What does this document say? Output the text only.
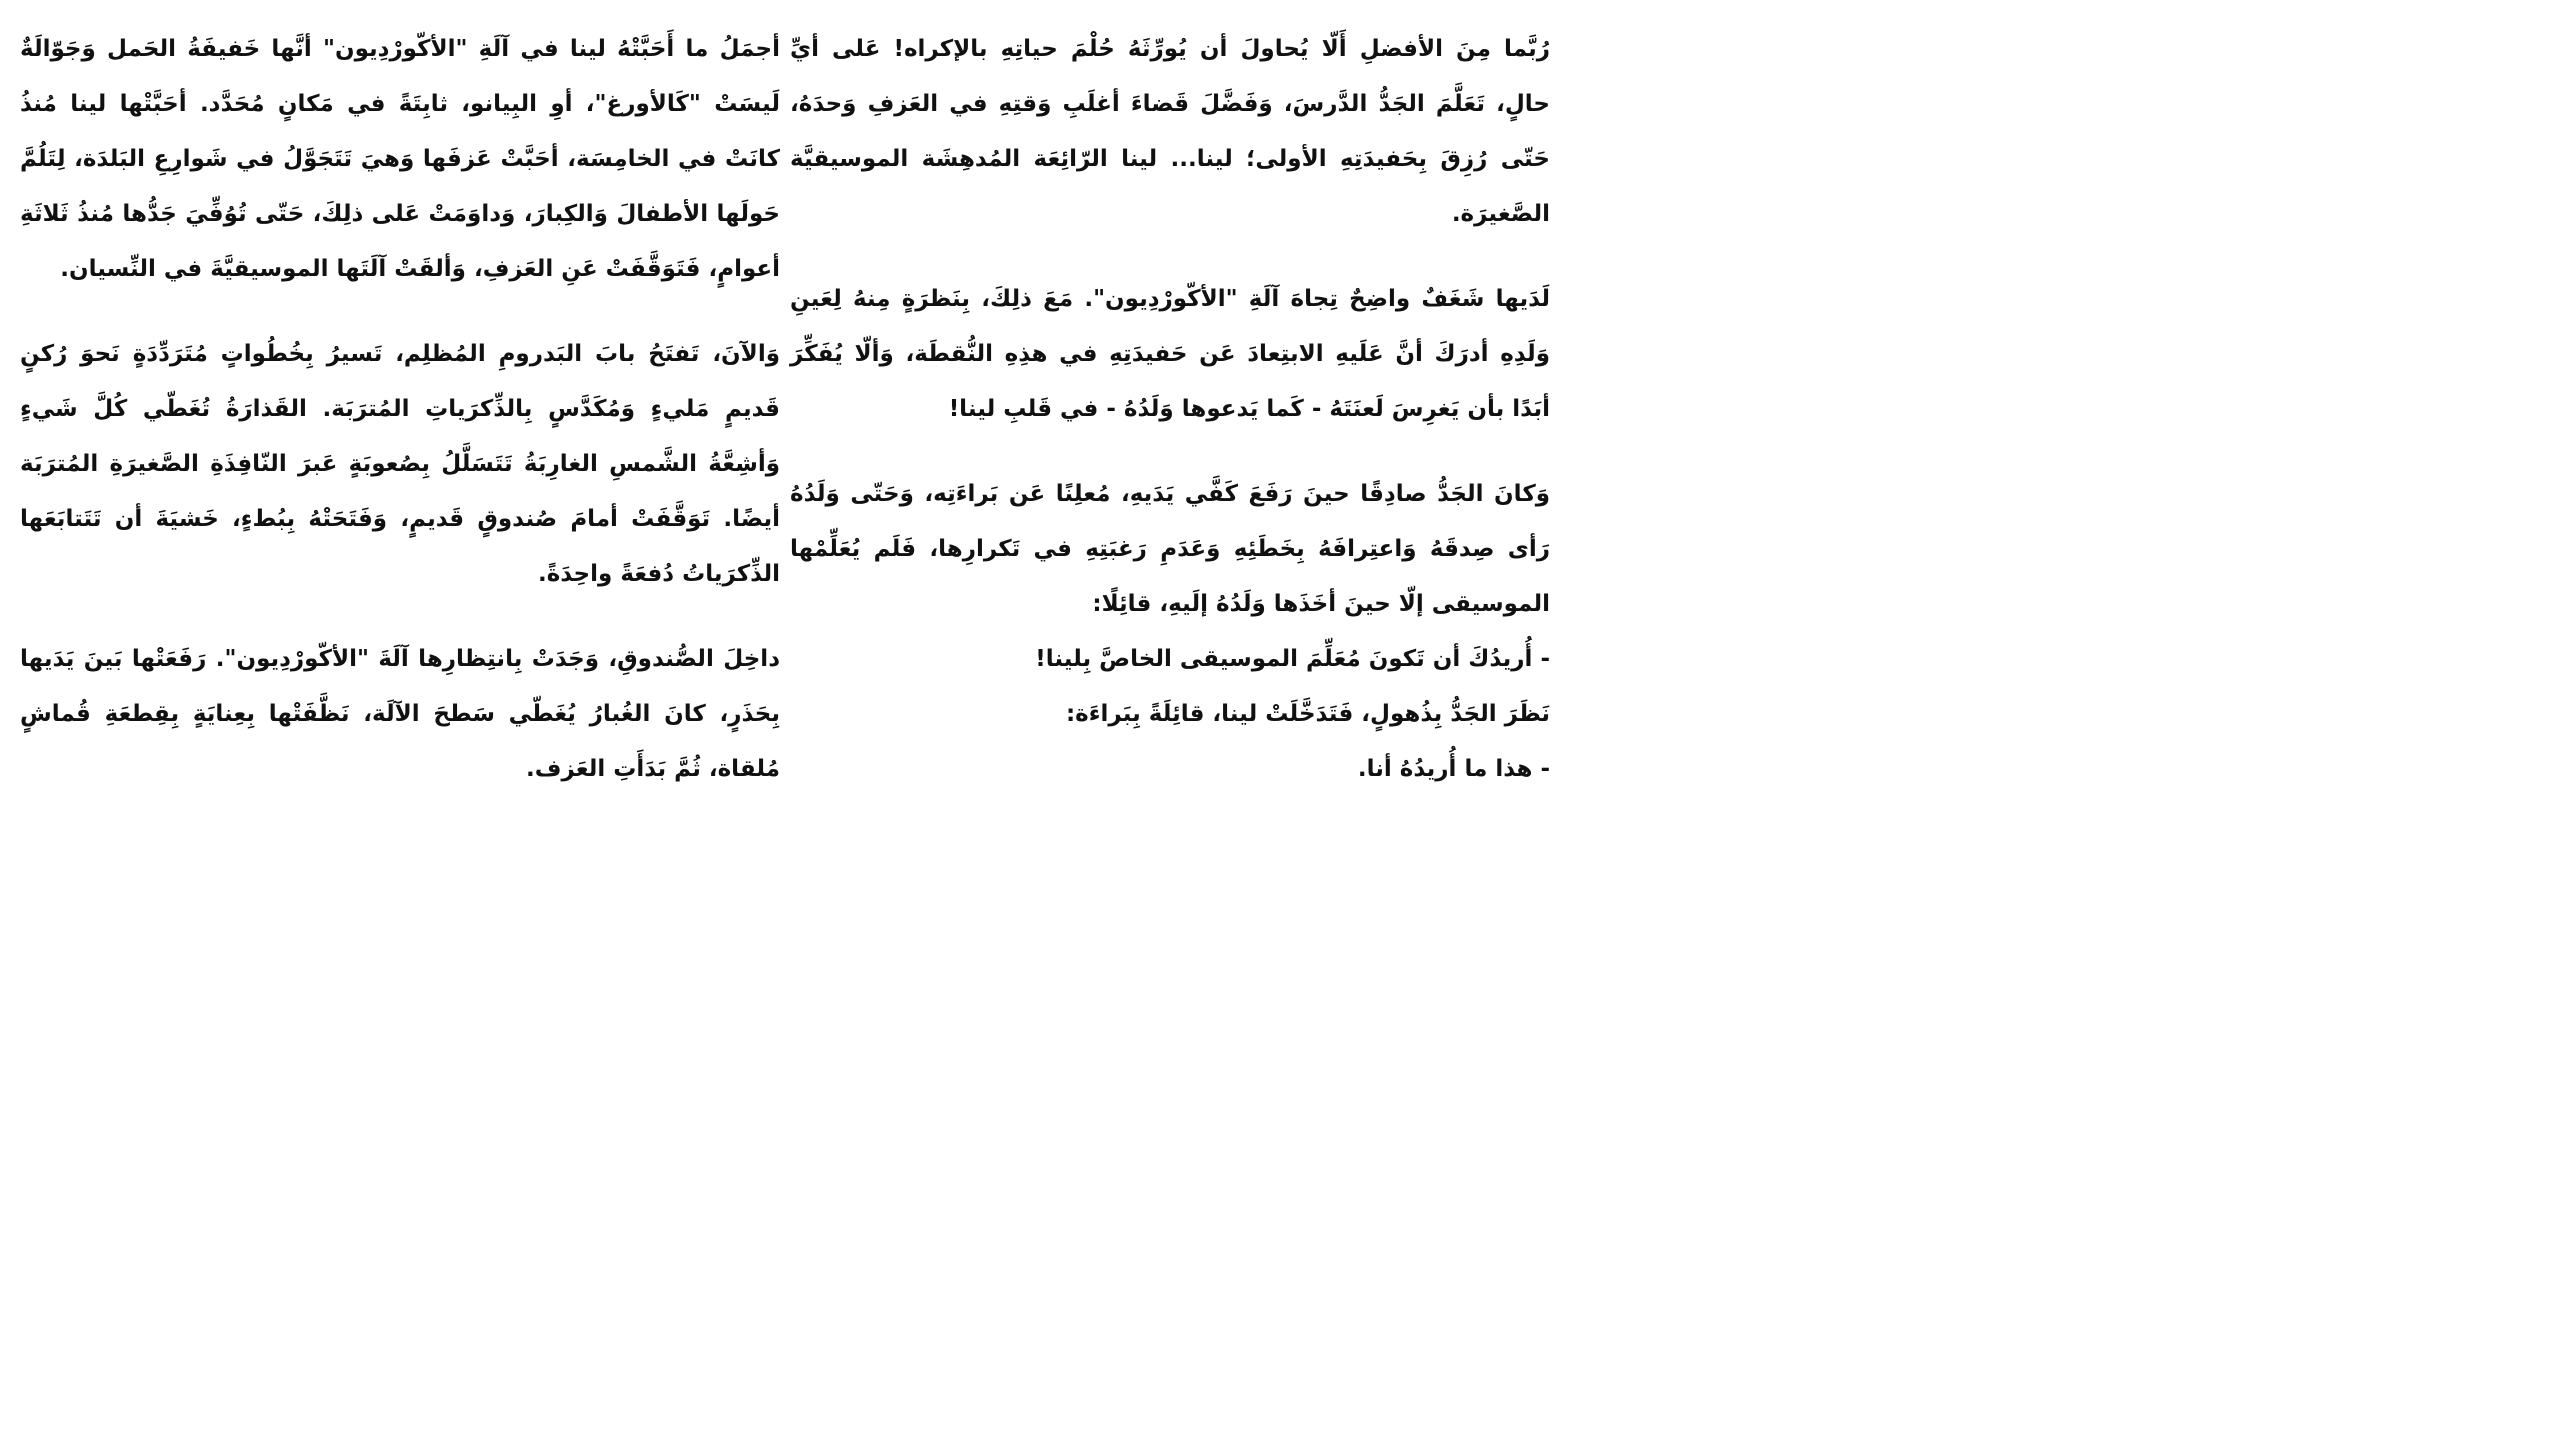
رُبَّما مِنَ الأفضلِ أَلّا يُحاولَ أن يُورِّثَهُ حُلْمَ حياتِهِ بالإكراه! عَلى أيِّ حالٍ، تَعَلَّمَ الجَدُّ الدَّرسَ، وَفَضَّلَ قَضاءَ أغلَبِ وَقتِهِ في العَزفِ وَحدَهُ، حَتّى رُزِقَ بِحَفيدَتِهِ الأولى؛ لينا... لينا الرّائِعَة المُدهِشَة الموسيقيَّة الصَّغيرَة.

لَدَيها شَغَفٌ واضِحٌ تِجاهَ آلَةِ "الأكّورْدِيون". مَعَ ذلِكَ، بِنَظرَةٍ مِنهُ لِعَينِ وَلَدِهِ أدرَكَ أنَّ عَلَيهِ الابتِعادَ عَن حَفيدَتِهِ في هذِهِ النُّقطَة، وَألّا يُفَكِّرَ أبَدًا بأن يَغرِسَ لَعنَتَهُ - كَما يَدعوها وَلَدُهُ - في قَلبِ لينا!

وَكانَ الجَدُّ صادِقًا حينَ رَفَعَ كَفَّي يَدَيهِ، مُعلِنًا عَن بَراءَتِه، وَحَتّى وَلَدُهُ رَأى صِدقَهُ وَاعتِرافَهُ بِخَطَئِهِ وَعَدَمِ رَغبَتِهِ في تَكرارِها، فَلَم يُعَلِّمْها الموسيقى إلّا حينَ أخَذَها وَلَدُهُ إلَيهِ، قائِلًا:

- أُريدُكَ أن تَكونَ مُعَلِّمَ الموسيقى الخاصَّ بِلينا!

نَظَرَ الجَدُّ بِذُهولٍ، فَتَدَخَّلَتْ لينا، قائِلَةً بِبَراءَة:

- هذا ما أُريدُهُ أنا.

أجمَلُ ما أَحَبَّتْهُ لينا في آلَةِ "الأكّورْدِيون" أنَّها خَفيفَةُ الحَمل وَجَوّالَةٌ لَيسَتْ "كَالأورغ"، أوِ البِيانو، ثابِتَةً في مَكانٍ مُحَدَّد. أحَبَّتْها لينا مُنذُ كانَتْ في الخامِسَة، أحَبَّتْ عَزفَها وَهيَ تَتَجَوَّلُ في شَوارِعِ البَلدَة، لِتَلُمَّ حَولَها الأطفالَ وَالكِبارَ، وَداوَمَتْ عَلى ذلِكَ، حَتّى تُوُفِّيَ جَدُّها مُنذُ ثَلاثَةِ أعوامٍ، فَتَوَقَّفَتْ عَنِ العَزفِ، وَألقَتْ آلَتَها الموسيقيَّةَ في النِّسيان.

وَالآنَ، تَفتَحُ بابَ البَدرومِ المُظلِم، تَسيرُ بِخُطُواتٍ مُتَرَدِّدَةٍ نَحوَ رُكنٍ قَديمٍ مَليءٍ وَمُكَدَّسٍ بِالذِّكرَياتِ المُترَبَة. القَذارَةُ تُغَطّي كُلَّ شَيءٍ وَأشِعَّةُ الشَّمسِ الغارِبَةُ تَتَسَلَّلُ بِصُعوبَةٍ عَبرَ النّافِذَةِ الصَّغيرَةِ المُترَبَة أيضًا. تَوَقَّفَتْ أمامَ صُندوقٍ قَديمٍ، وَفَتَحَتْهُ بِبُطءٍ، خَشيَةَ أن تَتَتابَعَها الذِّكرَياتُ دُفعَةً واحِدَةً.

داخِلَ الصُّندوقِ، وَجَدَتْ بِانتِظارِها آلَةَ "الأكّورْدِيون". رَفَعَتْها بَينَ يَدَيها بِحَذَرٍ، كانَ الغُبارُ يُغَطّي سَطحَ الآلَة، نَظَّفَتْها بِعِنايَةٍ بِقِطعَةِ قُماشٍ مُلقاة، ثُمَّ بَدَأَتِ العَزف.
